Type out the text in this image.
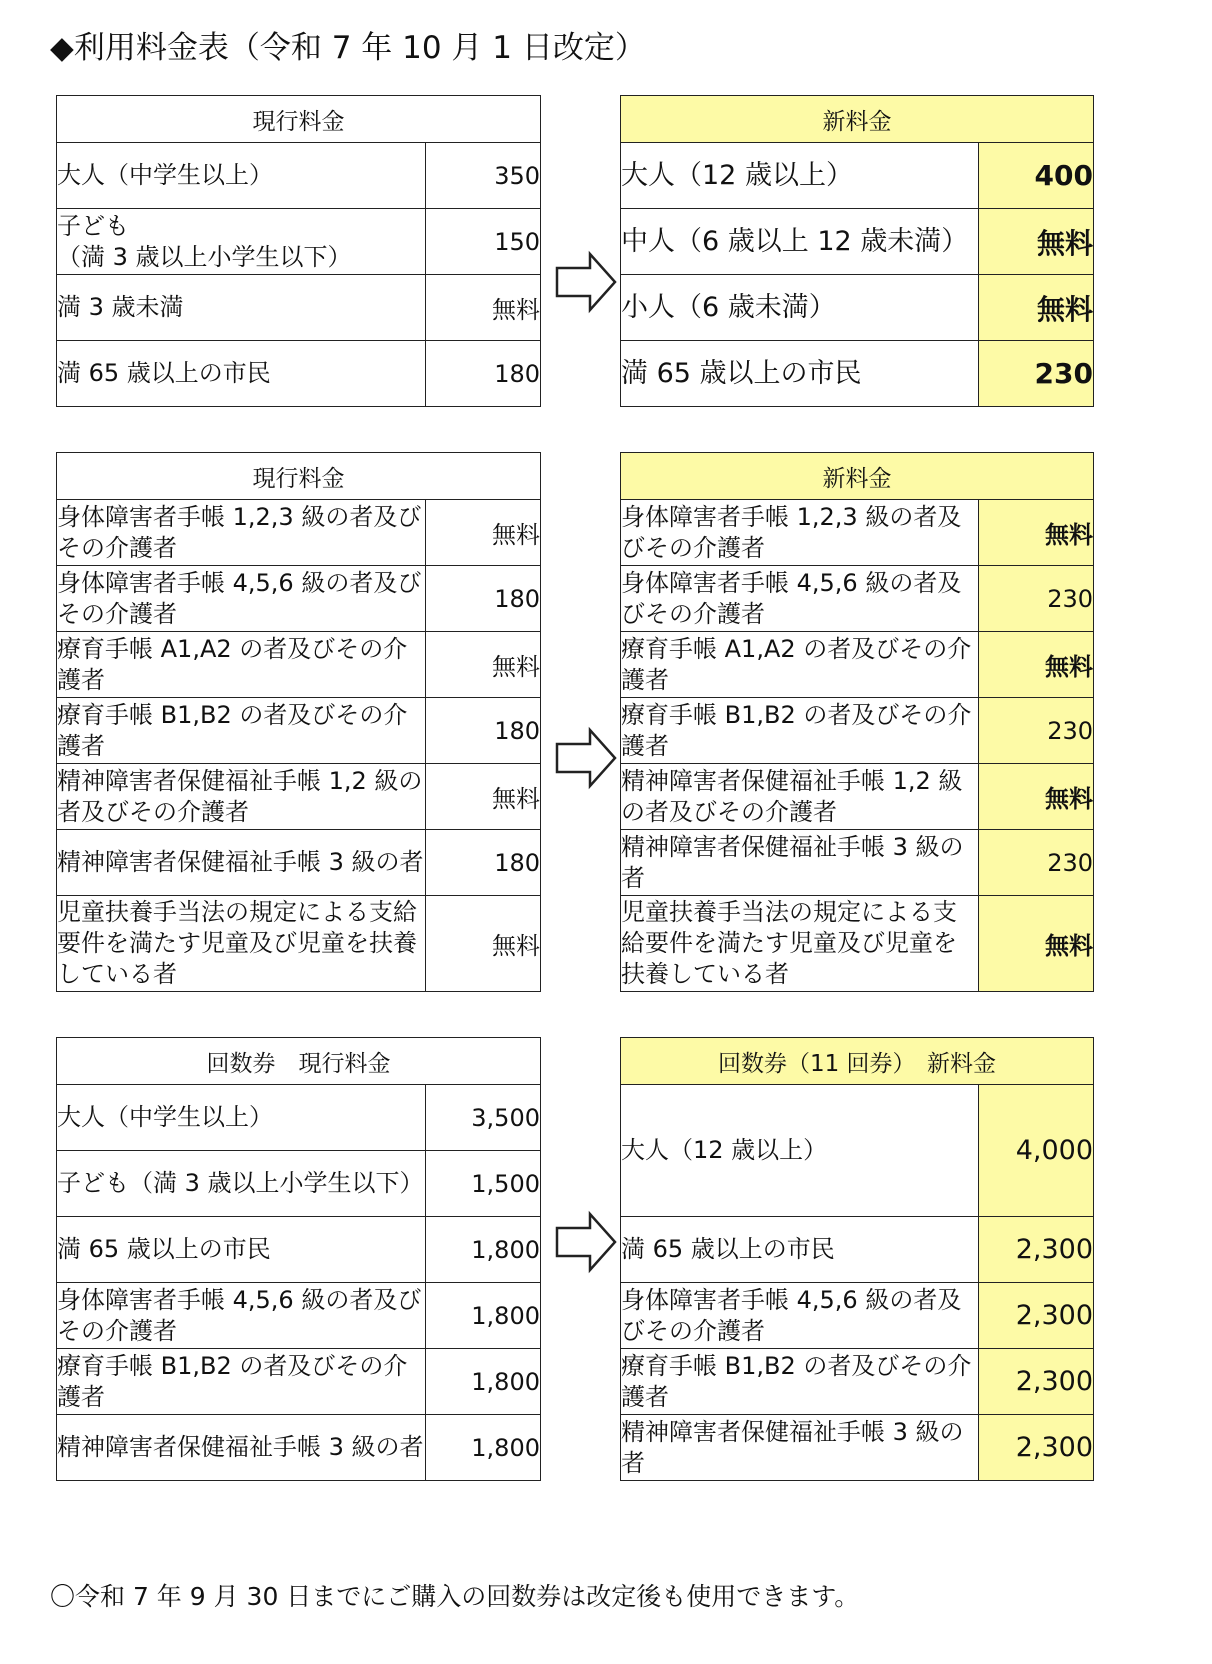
◆利用料金表（令和 7 年 10 月 1 日改定）
現行料金	
大人（中学生以上）	350
子ども
（満 3 歳以上小学生以下）	150
満 3 歳未満	無料
満 65 歳以上の市民	180
新料金	
大人（12 歳以上）	400
中人（6 歳以上 12 歳未満）	無料
小人（6 歳未満）	無料
満 65 歳以上の市民	230
現行料金	
身体障害者手帳 1,2,3 級の者及びその介護者	無料
身体障害者手帳 4,5,6 級の者及びその介護者	180
療育手帳 A1,A2 の者及びその介護者	無料
療育手帳 B1,B2 の者及びその介護者	180
精神障害者保健福祉手帳 1,2 級の者及びその介護者	無料
精神障害者保健福祉手帳 3 級の者	180
児童扶養手当法の規定による支給要件を満たす児童及び児童を扶養している者	無料
新料金	
身体障害者手帳 1,2,3 級の者及びその介護者	無料
身体障害者手帳 4,5,6 級の者及びその介護者	230
療育手帳 A1,A2 の者及びその介護者	無料
療育手帳 B1,B2 の者及びその介護者	230
精神障害者保健福祉手帳 1,2 級の者及びその介護者	無料
精神障害者保健福祉手帳 3 級の者	230
児童扶養手当法の規定による支給要件を満たす児童及び児童を扶養している者	無料
回数券　現行料金	
大人（中学生以上）	3,500
子ども（満 3 歳以上小学生以下）	1,500
満 65 歳以上の市民	1,800
身体障害者手帳 4,5,6 級の者及びその介護者	1,800
療育手帳 B1,B2 の者及びその介護者	1,800
精神障害者保健福祉手帳 3 級の者	1,800
回数券（11 回券）　新料金	
大人（12 歳以上）	4,000
満 65 歳以上の市民	2,300
身体障害者手帳 4,5,6 級の者及びその介護者	2,300
療育手帳 B1,B2 の者及びその介護者	2,300
精神障害者保健福祉手帳 3 級の者	2,300
〇令和 7 年 9 月 30 日までにご購入の回数券は改定後も使用できます。
